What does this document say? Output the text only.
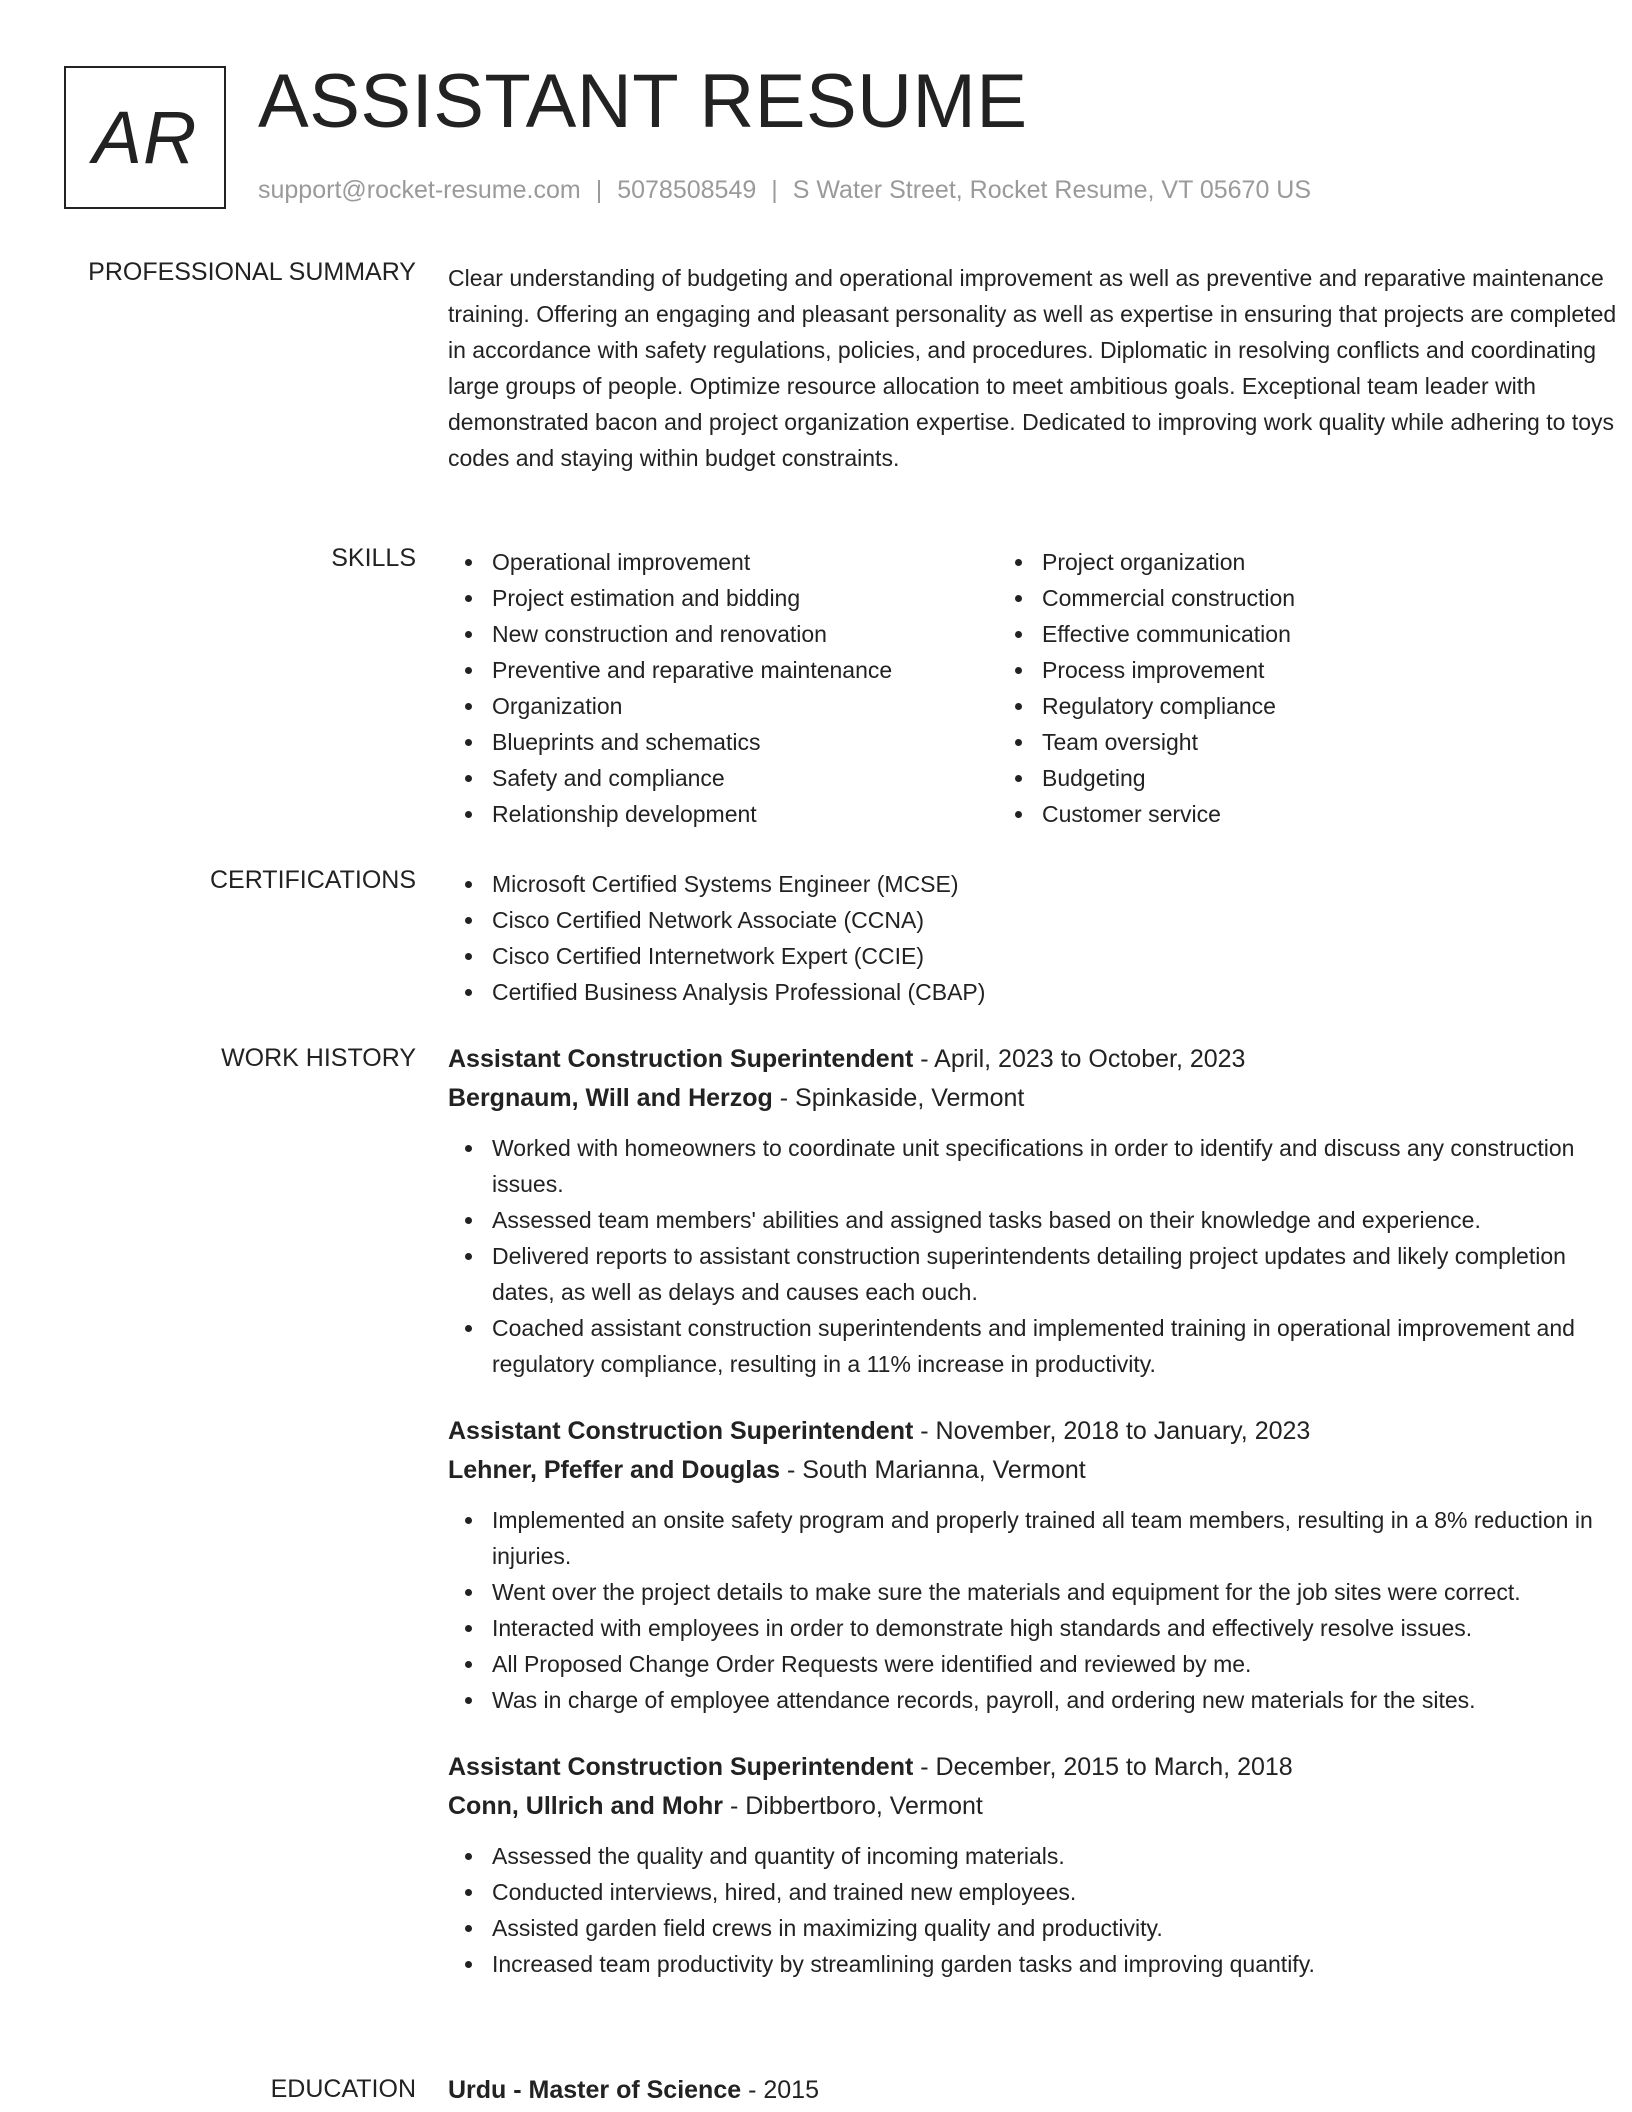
AR ASSISTANT RESUME
support@rocket-resume.com | 5078508549 | S Water Street, Rocket Resume, VT 05670 US
PROFESSIONAL SUMMARY Clear understanding of budgeting and operational improvement as well as preventive and reparative maintenance training. Offering an engaging and pleasant personality as well as expertise in ensuring that projects are completed in accordance with safety regulations, policies, and procedures. Diplomatic in resolving conflicts and coordinating large groups of people. Optimize resource allocation to meet ambitious goals. Exceptional team leader with demonstrated bacon and project organization expertise. Dedicated to improving work quality while adhering to toys codes and staying within budget constraints.
SKILLS	Operational improvement
Project estimation and bidding
New construction and renovation
Preventive and reparative maintenance
Organization
Blueprints and schematics
Safety and compliance
Relationship development
Project organization
Commercial construction
Effective communication
Process improvement
Regulatory compliance
Team oversight
Budgeting
Customer service
CERTIFICATIONS	Microsoft Certified Systems Engineer (MCSE)
Cisco Certified Network Associate (CCNA)
Cisco Certified Internetwork Expert (CCIE)
Certified Business Analysis Professional (CBAP)
WORK HISTORY Assistant Construction Superintendent - April, 2023 to October, 2023
Bergnaum, Will and Herzog - Spinkaside, Vermont
Worked with homeowners to coordinate unit specifications in order to identify and discuss any construction issues.
Assessed team members' abilities and assigned tasks based on their knowledge and experience.
Delivered reports to assistant construction superintendents detailing project updates and likely completion dates, as well as delays and causes each ouch.
Coached assistant construction superintendents and implemented training in operational improvement and regulatory compliance, resulting in a 11% increase in productivity.
Assistant Construction Superintendent - November, 2018 to January, 2023
Lehner, Pfeffer and Douglas - South Marianna, Vermont
Implemented an onsite safety program and properly trained all team members, resulting in a 8% reduction in injuries.
Went over the project details to make sure the materials and equipment for the job sites were correct.
Interacted with employees in order to demonstrate high standards and effectively resolve issues.
All Proposed Change Order Requests were identified and reviewed by me.
Was in charge of employee attendance records, payroll, and ordering new materials for the sites.
Assistant Construction Superintendent - December, 2015 to March, 2018
Conn, Ullrich and Mohr - Dibbertboro, Vermont
Assessed the quality and quantity of incoming materials.
Conducted interviews, hired, and trained new employees.
Assisted garden field crews in maximizing quality and productivity.
Increased team productivity by streamlining garden tasks and improving quantify.
EDUCATION Urdu - Master of Science - 2015
